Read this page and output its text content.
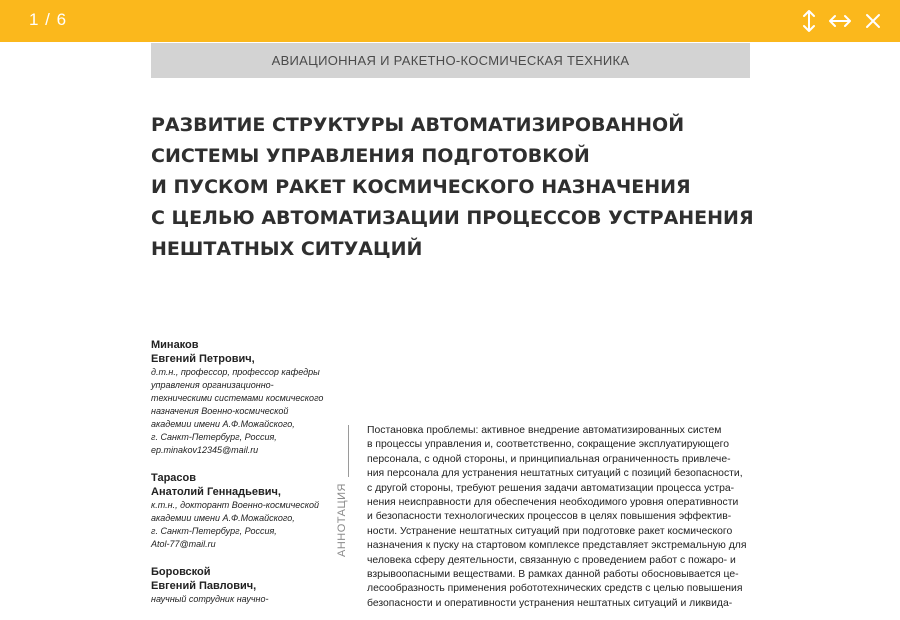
1 / 6
АВИАЦИОННАЯ И РАКЕТНО-КОСМИЧЕСКАЯ ТЕХНИКА
РАЗВИТИЕ СТРУКТУРЫ АВТОМАТИЗИРОВАННОЙ
СИСТЕМЫ УПРАВЛЕНИЯ ПОДГОТОВКОЙ
И ПУСКОМ РАКЕТ КОСМИЧЕСКОГО НАЗНАЧЕНИЯ
С ЦЕЛЬЮ АВТОМАТИЗАЦИИ ПРОЦЕССОВ УСТРАНЕНИЯ
НЕШТАТНЫХ СИТУАЦИЙ
Минаков
Евгений Петрович,
д.т.н., профессор, профессор кафедры
управления организационно-
техническими системами космического
назначения Военно-космической
академии имени А.Ф.Можайского,
г. Санкт-Петербург, Россия,
ep.minakov12345@mail.ru
Тарасов
Анатолий Геннадьевич,
к.т.н., докторант Военно-космической
академии имени А.Ф.Можайского,
г. Санкт-Петербург, Россия,
Atol-77@mail.ru
Боровской
Евгений Павлович,
научный сотрудник научно-
АННОТАЦИЯ
Постановка проблемы: активное внедрение автоматизированных систем
в процессы управления и, соответственно, сокращение эксплуатирующего
персонала, с одной стороны, и принципиальная ограниченность привлече-
ния персонала для устранения нештатных ситуаций с позиций безопасности,
с другой стороны, требуют решения задачи автоматизации процесса устра-
нения неисправности для обеспечения необходимого уровня оперативности
и безопасности технологических процессов в целях повышения эффектив-
ности. Устранение нештатных ситуаций при подготовке ракет космического
назначения к пуску на стартовом комплексе представляет экстремальную для
человека сферу деятельности, связанную с проведением работ с пожаро- и
взрывоопасными веществами. В рамках данной работы обосновывается це-
лесообразность применения робототехнических средств с целью повышения
безопасности и оперативности устранения нештатных ситуаций и ликвида-
